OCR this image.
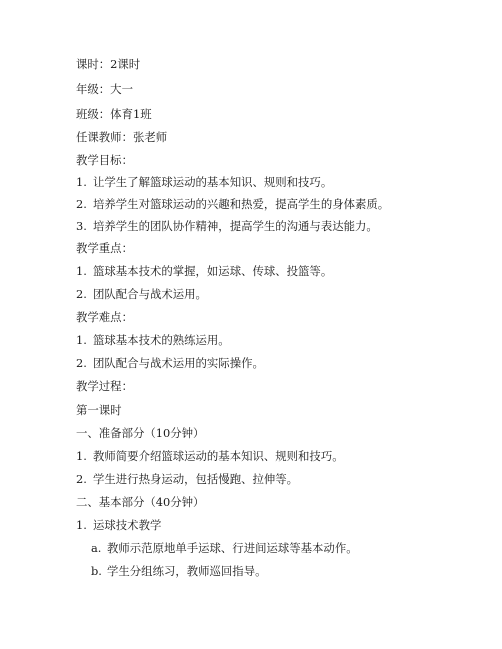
课时：2课时
年级：大一
班级：体育1班
任课教师：张老师
教学目标：
1. 让学生了解篮球运动的基本知识、规则和技巧。
2. 培养学生对篮球运动的兴趣和热爱，提高学生的身体素质。
3. 培养学生的团队协作精神，提高学生的沟通与表达能力。
教学重点：
1. 篮球基本技术的掌握，如运球、传球、投篮等。
2. 团队配合与战术运用。
教学难点：
1. 篮球基本技术的熟练运用。
2. 团队配合与战术运用的实际操作。
教学过程：
第一课时
一、准备部分（10分钟）
1. 教师简要介绍篮球运动的基本知识、规则和技巧。
2. 学生进行热身运动，包括慢跑、拉伸等。
二、基本部分（40分钟）
1. 运球技术教学
a. 教师示范原地单手运球、行进间运球等基本动作。
b. 学生分组练习，教师巡回指导。
